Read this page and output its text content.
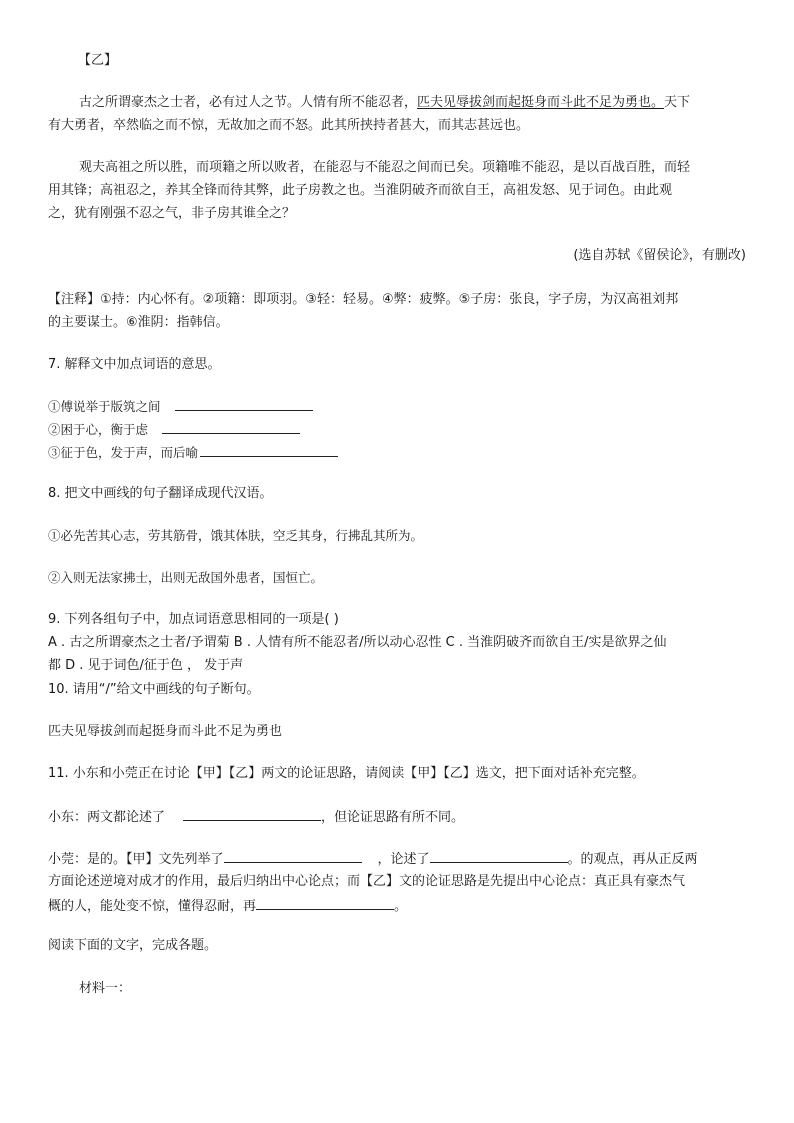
【乙】
古之所谓豪杰之士者，必有过人之节。人情有所不能忍者，匹夫见辱拔剑而起挺身而斗此不足为勇也。天下
有大勇者，卒然临之而不惊，无故加之而不怒。此其所挟持者甚大，而其志甚远也。
观夫高祖之所以胜，而项籍之所以败者，在能忍与不能忍之间而已矣。项籍唯不能忍，是以百战百胜，而轻
用其锋；高祖忍之，养其全锋而待其弊，此子房教之也。当淮阴破齐而欲自王，高祖发怒、见于词色。由此观
之，犹有刚强不忍之气，非子房其谁全之？
(选自苏轼《留侯论》，有删改)
【注释】①持：内心怀有。②项籍：即项羽。③轻：轻易。④弊：疲弊。⑤子房：张良，字子房，为汉高祖刘邦
的主要谋士。⑥淮阴：指韩信。
7. 解释文中加点词语的意思。
①傅说举于版筑之间
②困于心，衡于虑
③征于色，发于声，而后喻
8. 把文中画线的句子翻译成现代汉语。
①必先苦其心志，劳其筋骨，饿其体肤，空乏其身，行拂乱其所为。
②入则无法家拂士，出则无敌国外患者，国恒亡。
9. 下列各组句子中，加点词语意思相同的一项是( )
A . 古之所谓豪杰之士者/予谓菊 B . 人情有所不能忍者/所以动心忍性 C . 当淮阴破齐而欲自王/实是欲界之仙
都 D . 见于词色/征于色 ， 发于声
10. 请用“/”给文中画线的句子断句。
匹夫见辱拔剑而起挺身而斗此不足为勇也
11. 小东和小莞正在讨论【甲】【乙】两文的论证思路，请阅读【甲】【乙】选文，把下面对话补充完整。
小东：两文都论述了	，但论证思路有所不同。
小莞：是的。【甲】文先列举了	，论述了	。的观点，再从正反两
方面论述逆境对成才的作用，最后归纳出中心论点；而【乙】文的论证思路是先提出中心论点：真正具有豪杰气
概的人，能处变不惊，懂得忍耐，再	。
阅读下面的文字，完成各题。
材料一：
